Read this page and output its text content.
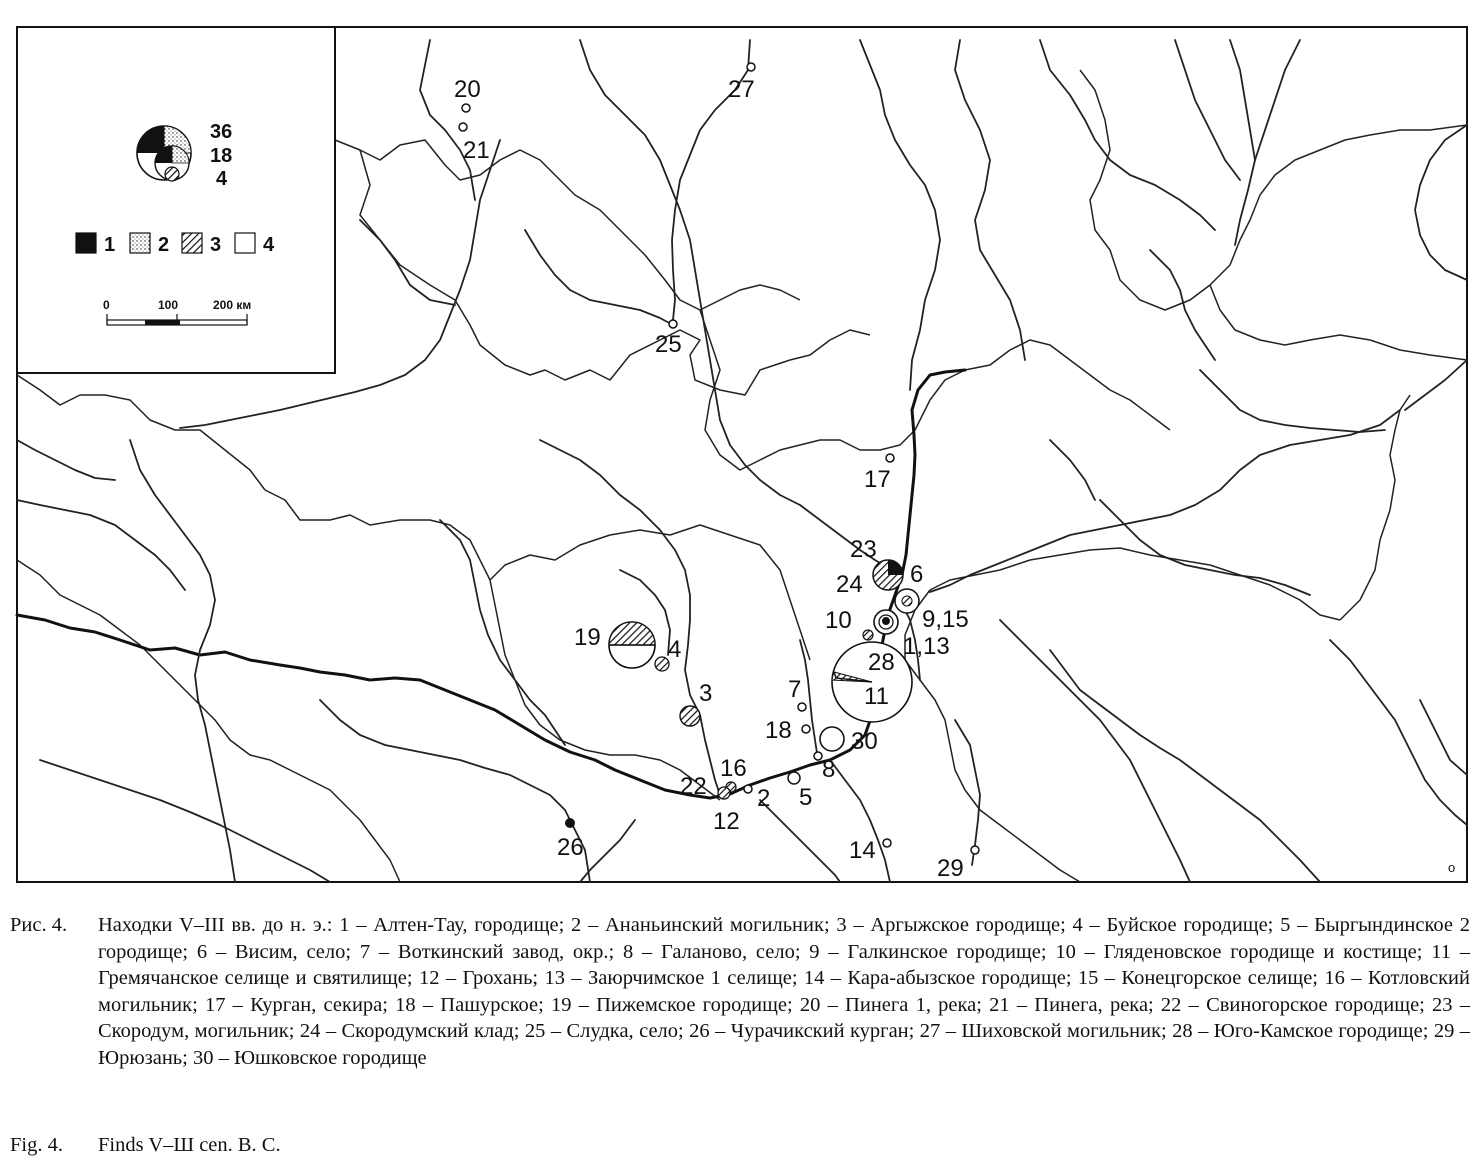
36
18
4
1 2 3 4
0	100	200 км
20
21
27
25
17
23
24 6
10	9,15
1,13
28
11
19	4
3	7
18 30
8
16
22 2 5
12
26	14
29	о
Рис. 4.	Находки V–III вв. до н. э.: 1 – Алтен-Тау, городище; 2 – Ананьинский могильник; 3 – Аргыжское городище; 4 – Буйское городище; 5 – Быргындинское 2 городище; 6 – Висим, село; 7 – Воткинский завод, окр.; 8 – Галаново, село; 9 – Галкинское городище; 10 – Гляденовское городище и костище; 11 – Гремячанское селище и святилище; 12 – Грохань; 13 – Заюрчимское 1 селище; 14 – Кара-абызское городище; 15 – Конецгорское селище; 16 – Котловский могильник; 17 – Курган, секира; 18 – Пашурское; 19 – Пижемское городище; 20 – Пинега 1, река; 21 – Пинега, река; 22 – Свиногорское городище; 23 – Скородум, могильник; 24 – Скородумский клад; 25 – Слудка, село; 26 – Чурачикский курган; 27 – Шиховской могильник; 28 – Юго-Камское городище; 29 – Юрюзань; 30 – Юшковское городище
Fig. 4. Finds V–Ш cen. B. C.
